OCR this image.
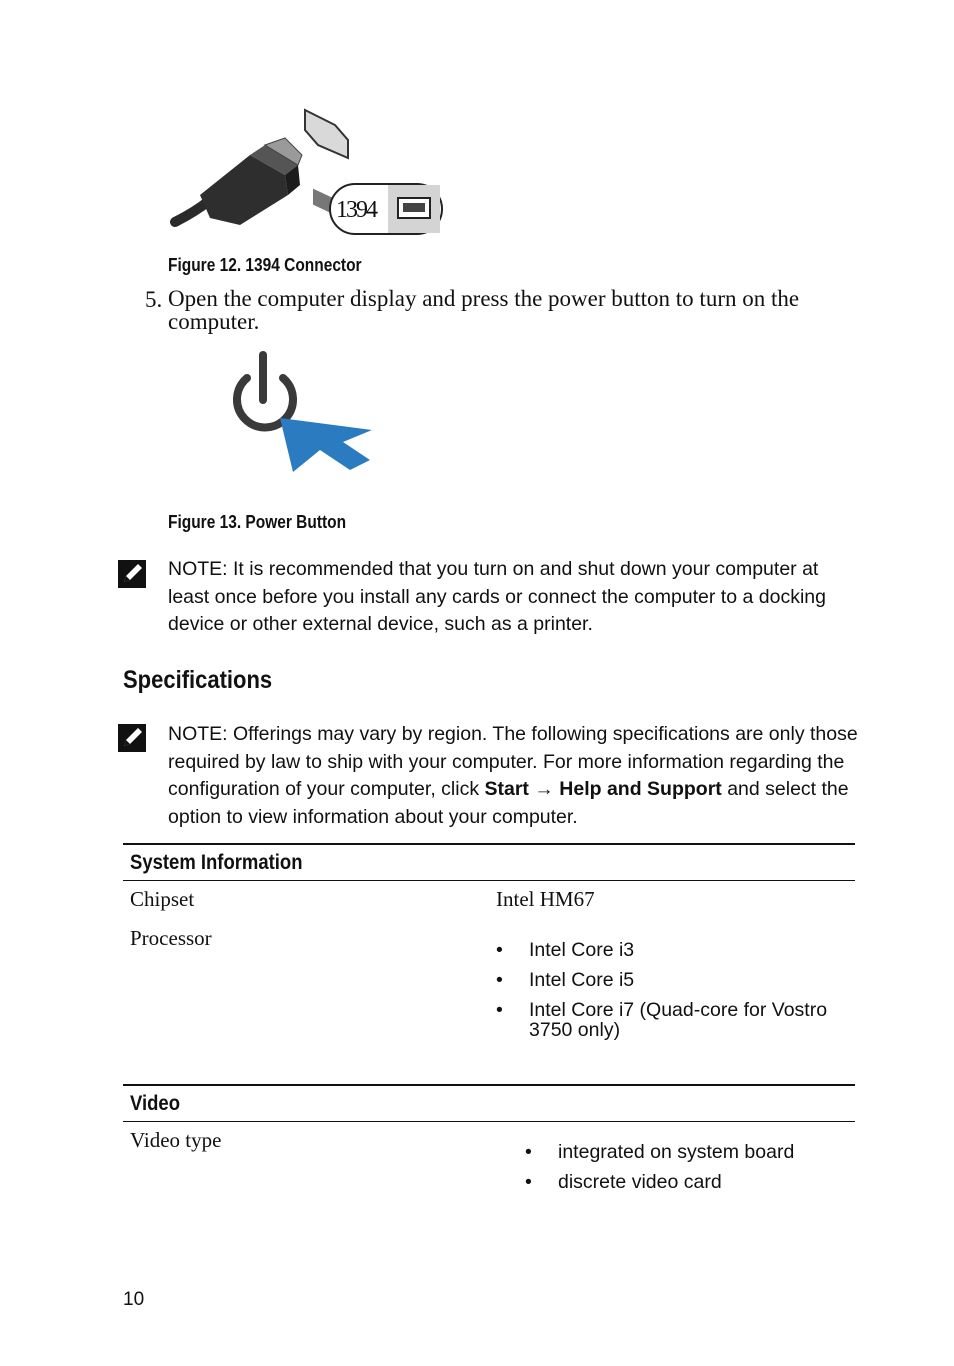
1394
Figure 12. 1394 Connector
5. Open the computer display and press the power button to turn on the computer.
Figure 13. Power Button
NOTE: It is recommended that you turn on and shut down your computer at least once before you install any cards or connect the computer to a docking device or other external device, such as a printer.
Specifications
NOTE: Offerings may vary by region. The following specifications are only those required by law to ship with your computer. For more information regarding the configuration of your computer, click Start → Help and Support and select the option to view information about your computer.
System Information
Chipset	Intel HM67
Processor	• Intel Core i3
• Intel Core i5
• Intel Core i7 (Quad-core for Vostro 3750 only)
Video
Video type	• integrated on system board
• discrete video card
10
